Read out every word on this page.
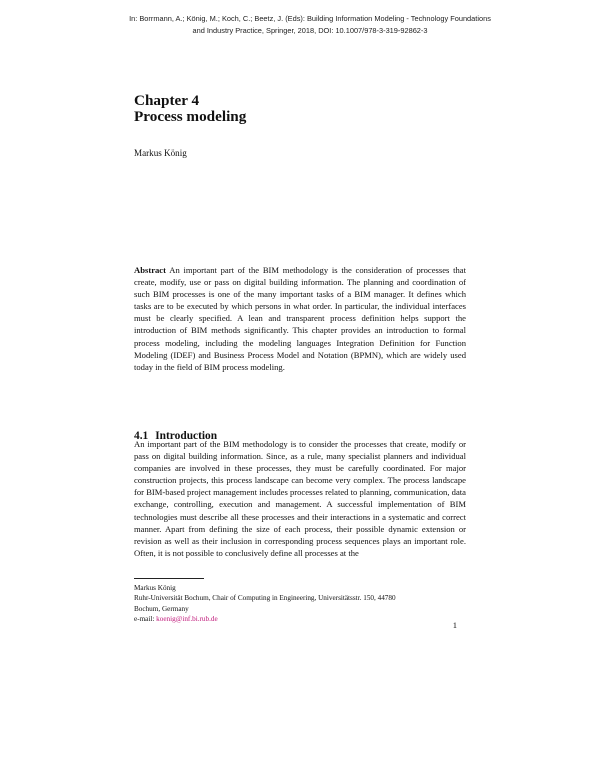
In: Borrmann, A.; König, M.; Koch, C.; Beetz, J. (Eds): Building Information Modeling - Technology Foundations
and Industry Practice, Springer, 2018, DOI: 10.1007/978-3-319-92862-3
Chapter 4
Process modeling
Markus König
Abstract An important part of the BIM methodology is the consideration of processes that create, modify, use or pass on digital building information. The planning and coordination of such BIM processes is one of the many important tasks of a BIM manager. It defines which tasks are to be executed by which persons in what order. In particular, the individual interfaces must be clearly specified. A lean and transparent process definition helps support the introduction of BIM methods significantly. This chapter provides an introduction to formal process modeling, including the modeling languages Integration Definition for Function Modeling (IDEF) and Business Process Model and Notation (BPMN), which are widely used today in the field of BIM process modeling.
4.1 Introduction
An important part of the BIM methodology is to consider the processes that create, modify or pass on digital building information. Since, as a rule, many specialist planners and individual companies are involved in these processes, they must be carefully coordinated. For major construction projects, this process landscape can become very complex. The process landscape for BIM-based project management includes processes related to planning, communication, data exchange, controlling, execution and management. A successful implementation of BIM technologies must describe all these processes and their interactions in a systematic and correct manner. Apart from defining the size of each process, their possible dynamic extension or revision as well as their inclusion in corresponding process sequences plays an important role. Often, it is not possible to conclusively define all processes at the
Markus König
Ruhr-Universität Bochum, Chair of Computing in Engineering, Universitätsstr. 150, 44780
Bochum, Germany
e-mail: koenig@inf.bi.rub.de
1
